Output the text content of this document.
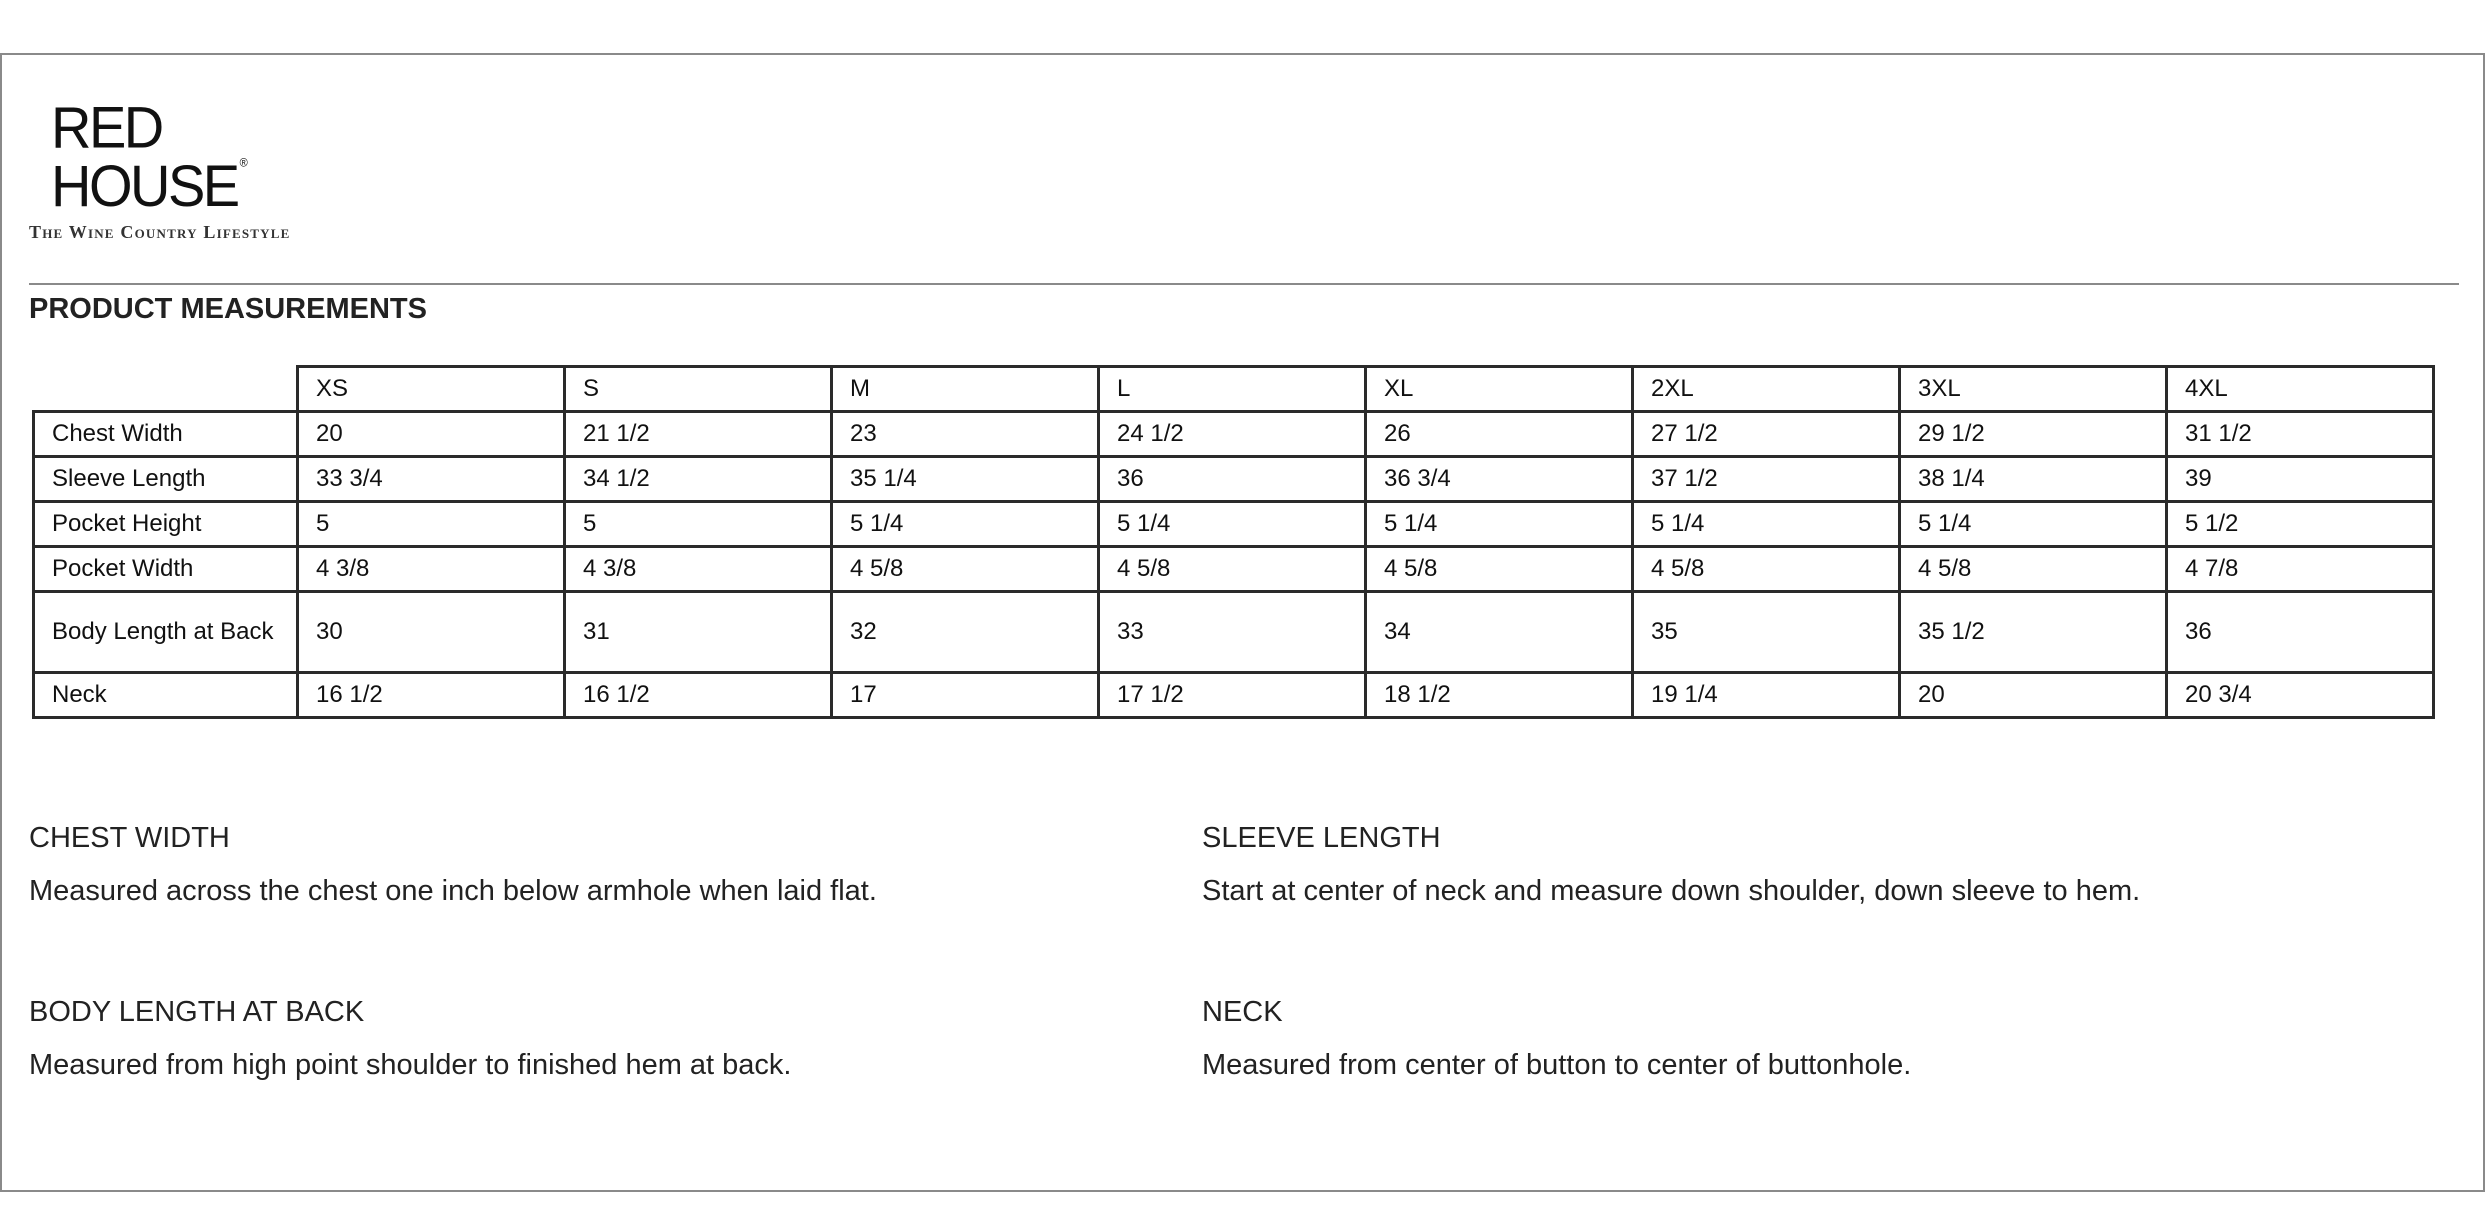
RED HOUSE ®
The Wine Country Lifestyle
PRODUCT MEASUREMENTS
	XS	S	M	L	XL	2XL	3XL	4XL
Chest Width	20	21 1/2	23	24 1/2	26	27 1/2	29 1/2	31 1/2
Sleeve Length	33 3/4	34 1/2	35 1/4	36	36 3/4	37 1/2	38 1/4	39
Pocket Height	5	5	5 1/4	5 1/4	5 1/4	5 1/4	5 1/4	5 1/2
Pocket Width	4 3/8	4 3/8	4 5/8	4 5/8	4 5/8	4 5/8	4 5/8	4 7/8
Body Length at Back	30	31	32	33	34	35	35 1/2	36
Neck	16 1/2	16 1/2	17	17 1/2	18 1/2	19 1/4	20	20 3/4
CHEST WIDTH
Measured across the chest one inch below armhole when laid flat.
SLEEVE LENGTH
Start at center of neck and measure down shoulder, down sleeve to hem.
BODY LENGTH AT BACK
Measured from high point shoulder to finished hem at back.
NECK
Measured from center of button to center of buttonhole.
